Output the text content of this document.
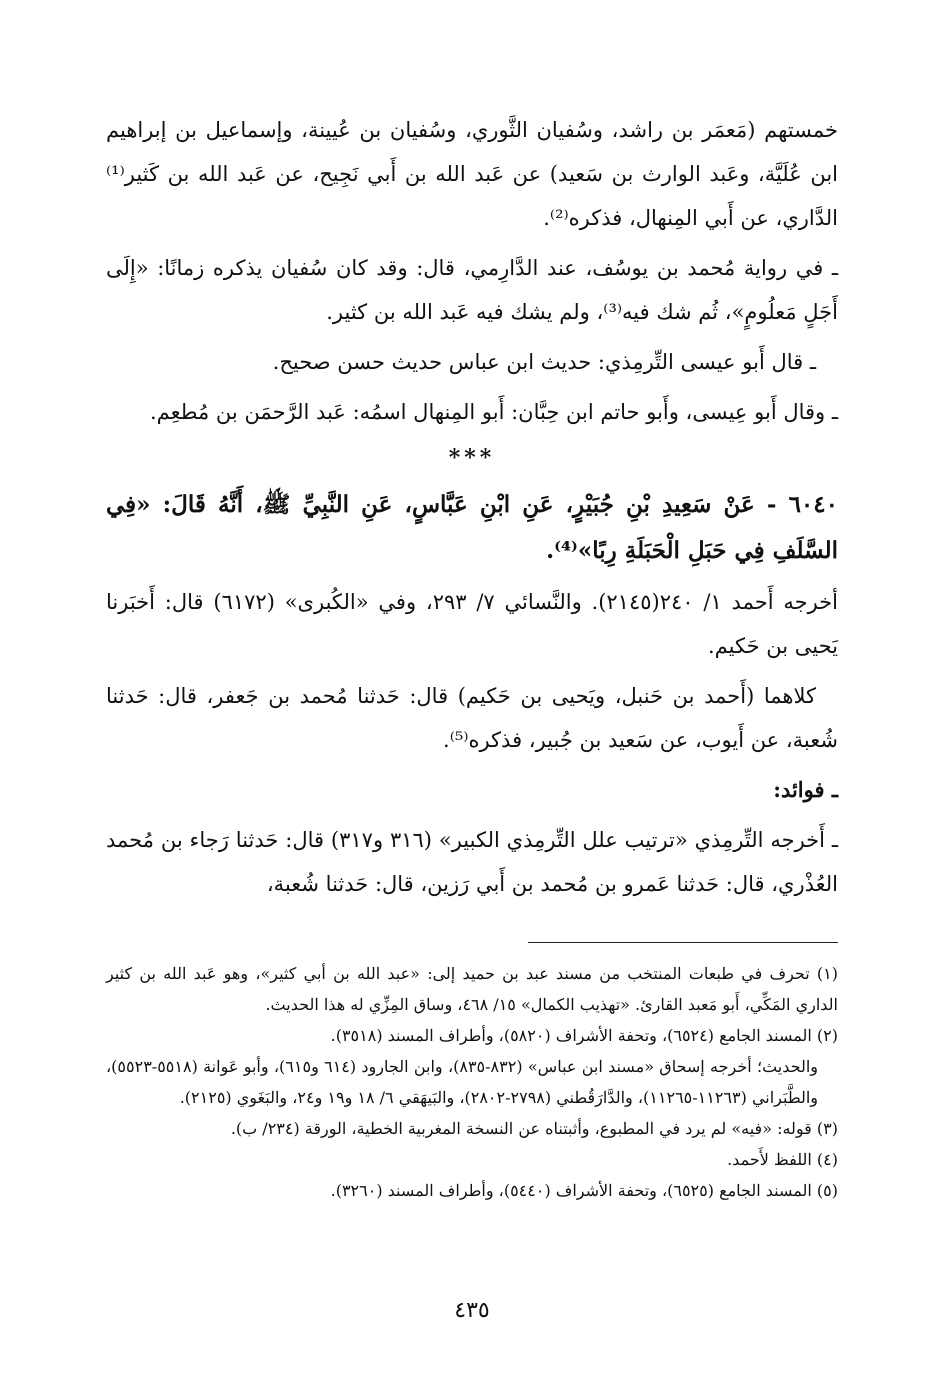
خمستهم (مَعمَر بن راشد، وسُفيان الثَّوري، وسُفيان بن عُيينة، وإسماعيل بن إبراهيم ابن عُلَيَّة، وعَبد الوارث بن سَعيد) عن عَبد الله بن أَبي نَجِيح، عن عَبد الله بن كَثير⁽¹⁾ الدَّاري، عن أَبي المِنهال، فذكره⁽²⁾.

ـ في رواية مُحمد بن يوسُف، عند الدَّارِمي، قال: وقد كان سُفيان يذكره زمانًا: «إِلَى أَجَلٍ مَعلُومٍ»، ثُم شك فيه⁽³⁾، ولم يشك فيه عَبد الله بن كثير.

ـ قال أَبو عيسى التِّرمِذي: حديث ابن عباس حديث حسن صحيح.

ـ وقال أَبو عِيسى، وأَبو حاتم ابن حِبَّان: أَبو المِنهال اسمُه: عَبد الرَّحمَن بن مُطعِم.

***

٦٠٤٠ - عَنْ سَعِيدِ بْنِ جُبَيْرٍ، عَنِ ابْنِ عَبَّاسٍ، عَنِ النَّبِيِّ ﷺ، أَنَّهُ قَالَ: «فِي السَّلَفِ فِي حَبَلِ الْحَبَلَةِ رِبًا»⁽⁴⁾.

أخرجه أَحمد ١/ ٢٤٠(٢١٤٥). والنَّسائي ٧/ ٢٩٣، وفي «الكُبرى» (٦١٧٢) قال: أَخبَرنا يَحيى بن حَكيم.

كلاهما (أَحمد بن حَنبل، ويَحيى بن حَكيم) قال: حَدثنا مُحمد بن جَعفر، قال: حَدثنا شُعبة، عن أَيوب، عن سَعيد بن جُبير، فذكره⁽⁵⁾.

ـ فوائد:

ـ أَخرجه التِّرمِذي «ترتيب علل التِّرمِذي الكبير» (٣١٦ و٣١٧) قال: حَدثنا رَجاء بن مُحمد العُذْري، قال: حَدثنا عَمرو بن مُحمد بن أَبي رَزين، قال: حَدثنا شُعبة،

(١) تحرف في طبعات المنتخب من مسند عبد بن حميد إلى: «عبد الله بن أبي كثير»، وهو عَبد الله بن كثير الداري المَكِّي، أَبو مَعبد القارئ. «تهذيب الكمال» ١٥/ ٤٦٨، وساق المِزِّي له هذا الحديث.

(٢) المسند الجامع (٦٥٢٤)، وتحفة الأشراف (٥٨٢٠)، وأطراف المسند (٣٥١٨).

والحديث؛ أخرجه إسحاق «مسند ابن عباس» (٨٣٢-٨٣٥)، وابن الجارود (٦١٤ و٦١٥)، وأبو عَوانة (٥٥١٨-٥٥٢٣)، والطَّبَراني (١١٢٦٣-١١٢٦٥)، والدَّارَقُطني (٢٧٩٨-٢٨٠٢)، والبَيهَقي ٦/ ١٨ و١٩ و٢٤، والبَغَوي (٢١٢٥).

(٣) قوله: «فيه» لم يرد في المطبوع، وأثبتناه عن النسخة المغربية الخطية، الورقة (٢٣٤/ ب).

(٤) اللفظ لأَحمد.

(٥) المسند الجامع (٦٥٢٥)، وتحفة الأشراف (٥٤٤٠)، وأطراف المسند (٣٢٦٠).

٤٣٥
